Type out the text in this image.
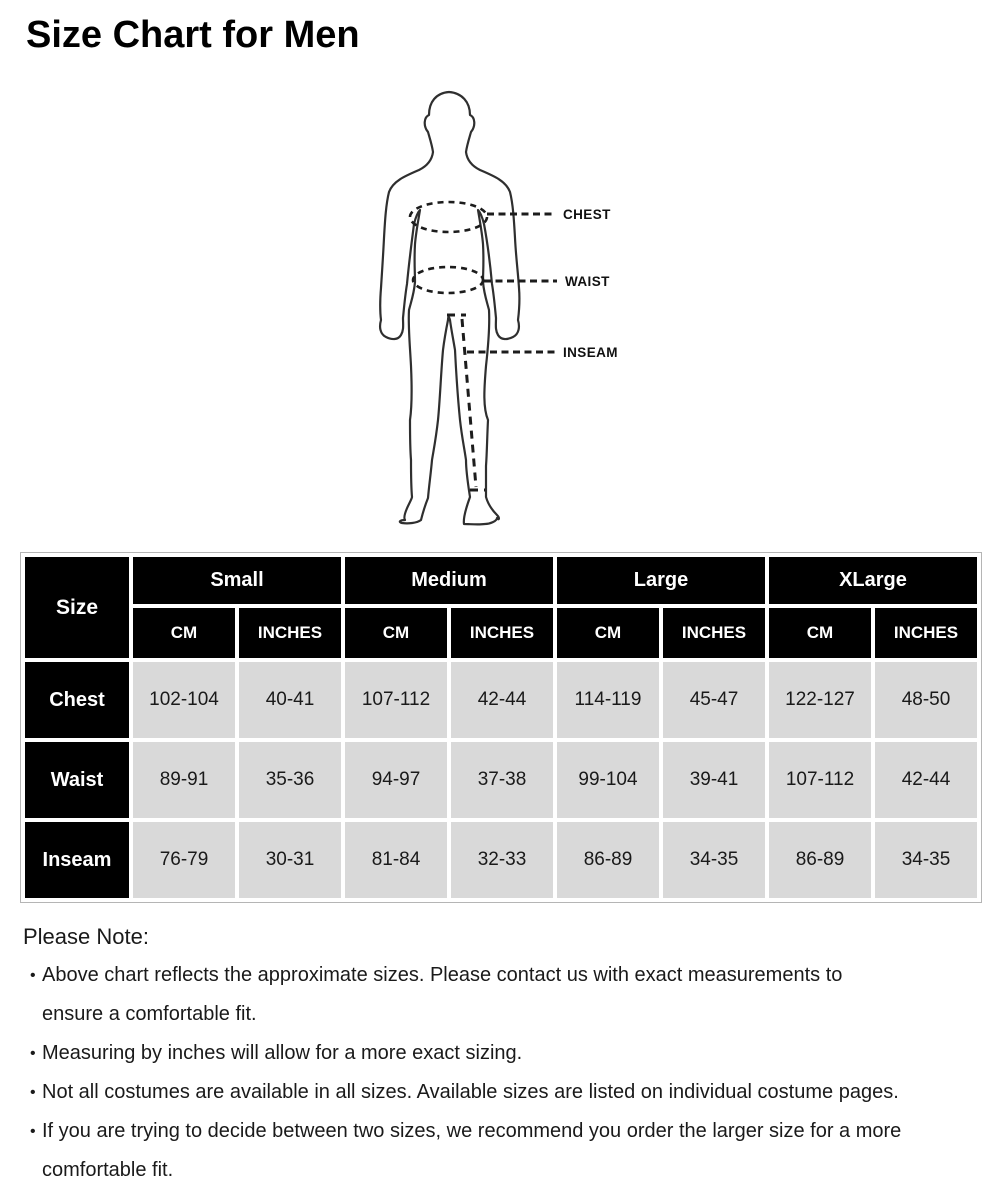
Size Chart for Men
CHEST
WAIST
INSEAM
Size	Small		Medium		Large		XLarge	
	CM	INCHES	CM	INCHES	CM	INCHES	CM	INCHES
Chest	102-104	40-41	107-112	42-44	114-119	45-47	122-127	48-50
Waist	89-91	35-36	94-97	37-38	99-104	39-41	107-112	42-44
Inseam	76-79	30-31	81-84	32-33	86-89	34-35	86-89	34-35
Please Note:
• Above chart reflects the approximate sizes. Please contact us with exact measurements to
ensure a comfortable fit.
• Measuring by inches will allow for a more exact sizing.
• Not all costumes are available in all sizes. Available sizes are listed on individual costume pages.
• If you are trying to decide between two sizes, we recommend you order the larger size for a more
comfortable fit.
